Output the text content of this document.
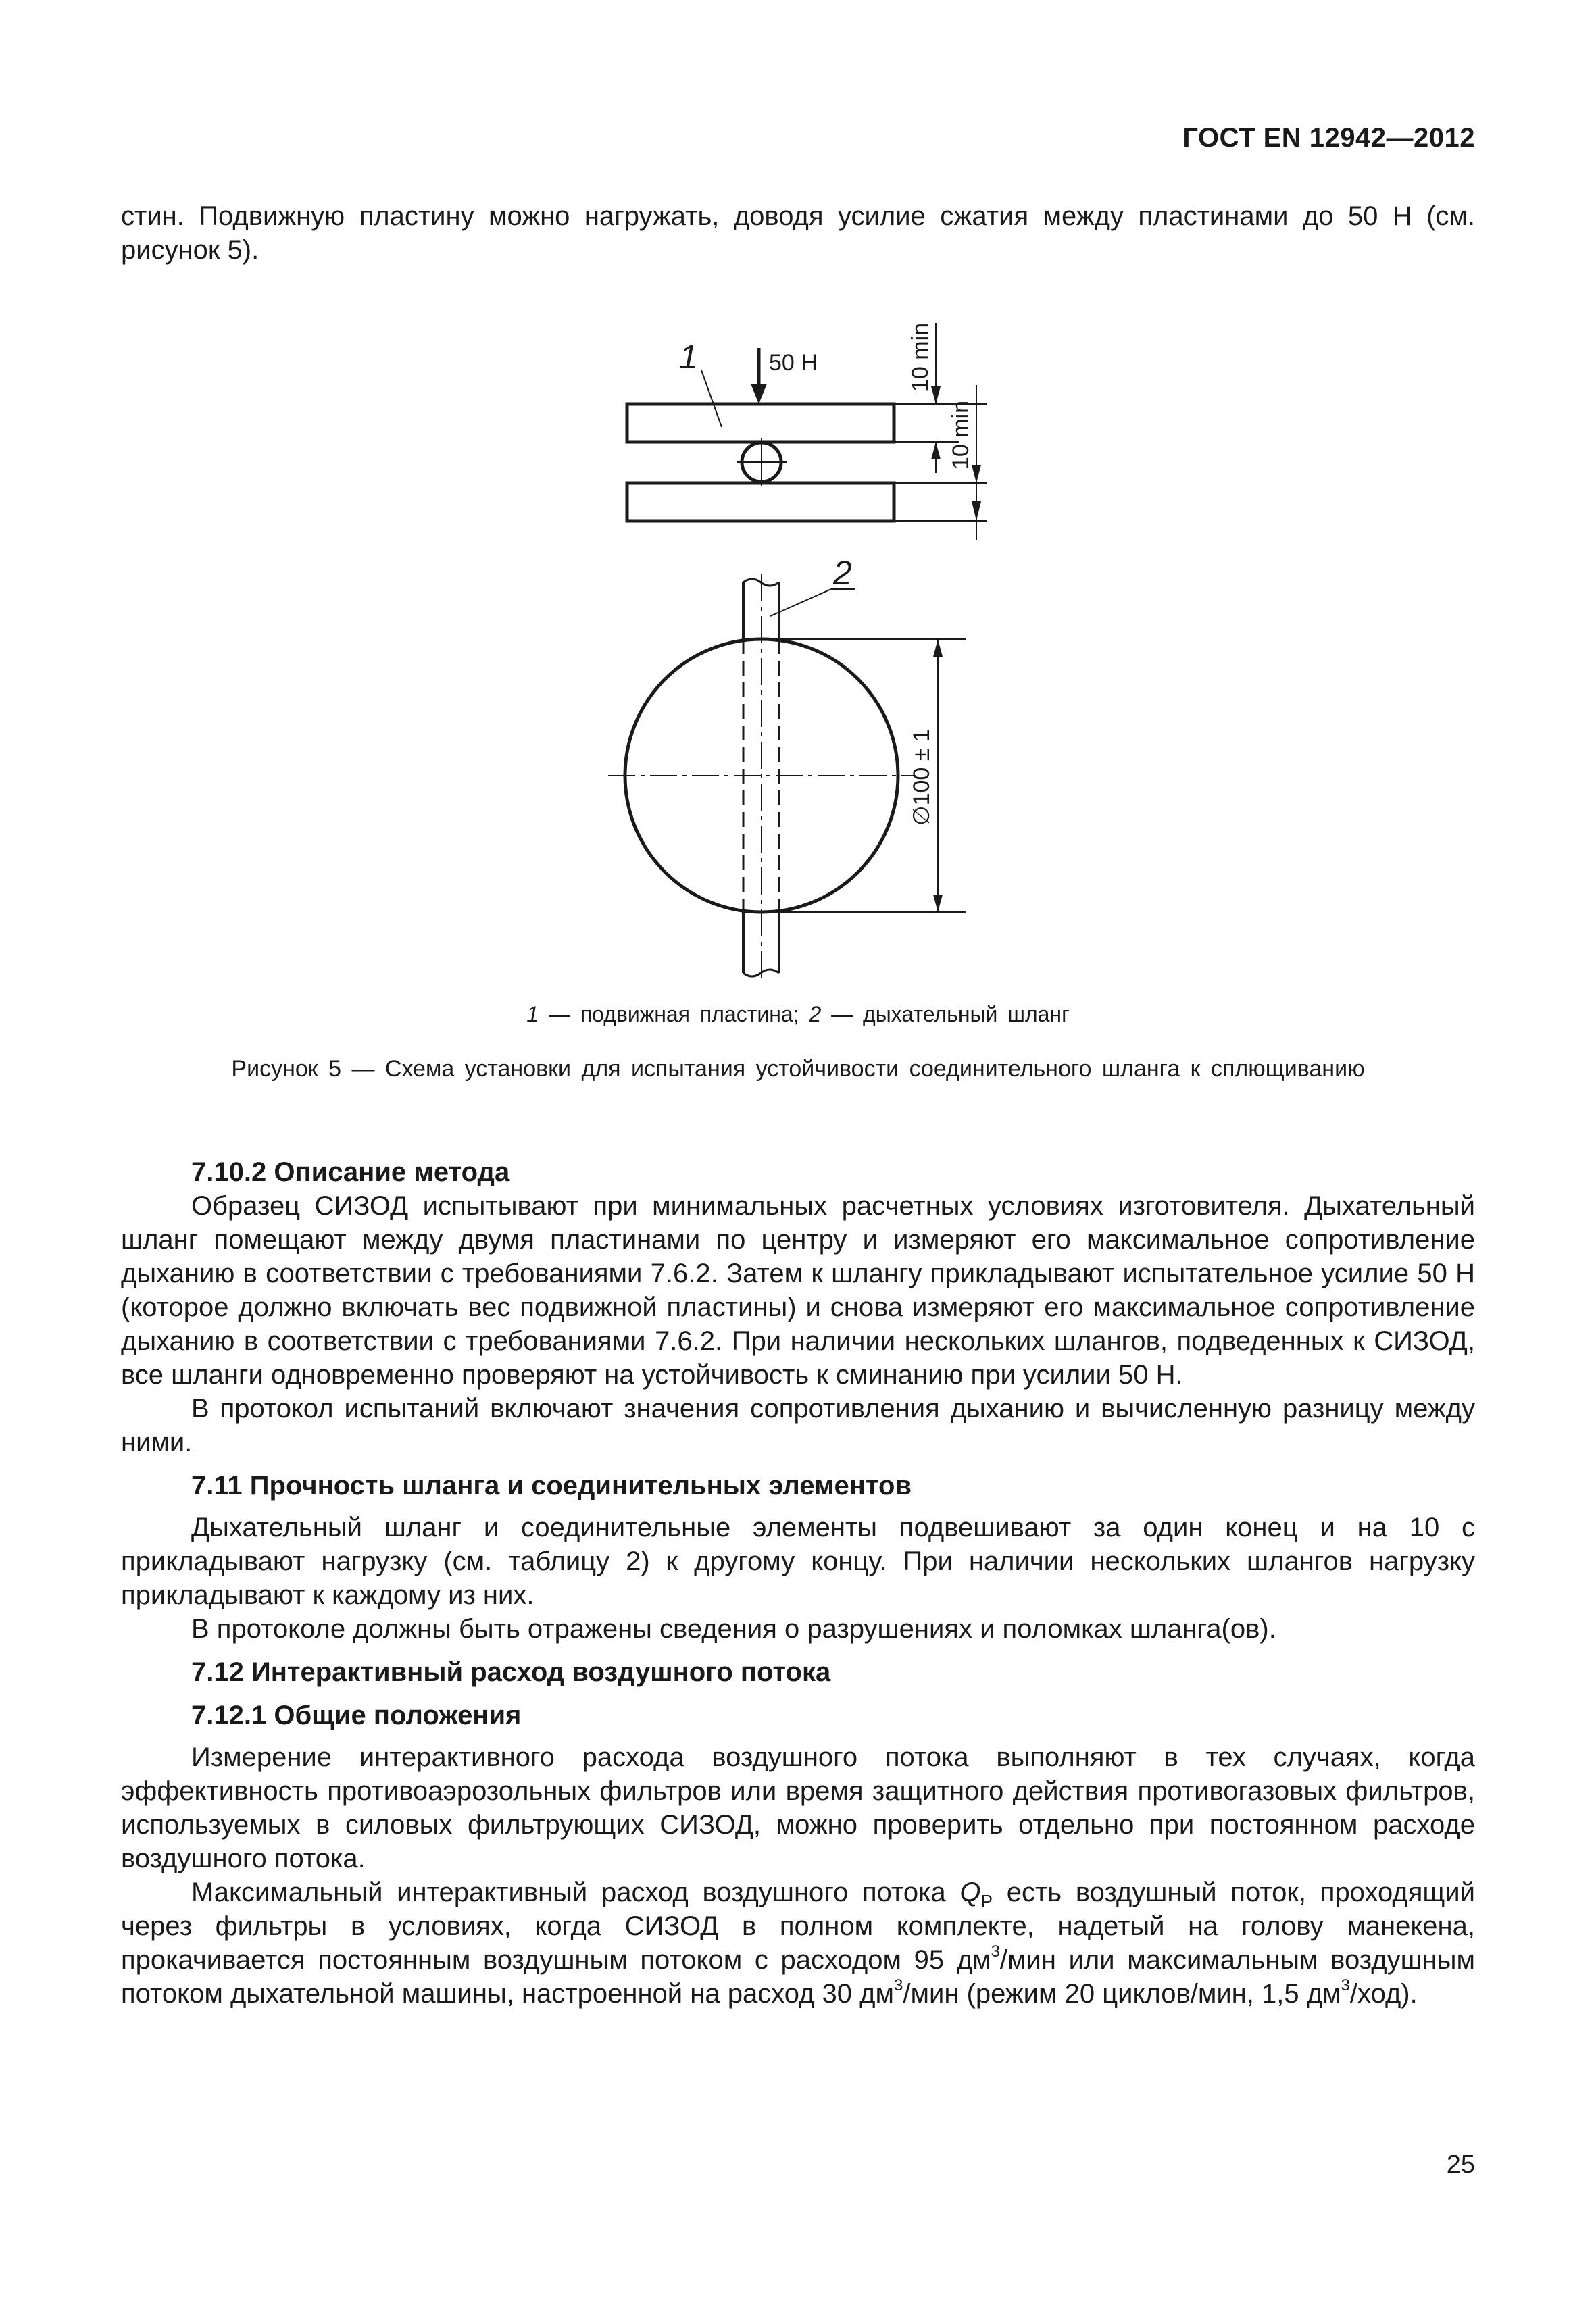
ГОСТ EN 12942—2012

стин. Подвижную пластину можно нагружать, доводя усилие сжатия между пластинами до 50 Н (см. рисунок 5).

1	50 Н
2
10 min
10 min
∅100 ± 1
1 — подвижная пластина; 2 — дыхательный шланг
Рисунок 5 — Схема установки для испытания устойчивости соединительного шланга к сплющиванию

7.10.2 Описание метода

Образец СИЗОД испытывают при минимальных расчетных условиях изготовителя. Дыхательный шланг помещают между двумя пластинами по центру и измеряют его максимальное сопротивление дыханию в соответствии с требованиями 7.6.2. Затем к шлангу прикладывают испытательное усилие 50 Н (которое должно включать вес подвижной пластины) и снова измеряют его максимальное сопротивление дыханию в соответствии с требованиями 7.6.2. При наличии нескольких шлангов, подведенных к СИЗОД, все шланги одновременно проверяют на устойчивость к сминанию при усилии 50 Н.

В протокол испытаний включают значения сопротивления дыханию и вычисленную разницу между ними.

7.11 Прочность шланга и соединительных элементов

Дыхательный шланг и соединительные элементы подвешивают за один конец и на 10 с прикладывают нагрузку (см. таблицу 2) к другому концу. При наличии нескольких шлангов нагрузку прикладывают к каждому из них.

В протоколе должны быть отражены сведения о разрушениях и поломках шланга(ов).

7.12 Интерактивный расход воздушного потока

7.12.1 Общие положения

Измерение интерактивного расхода воздушного потока выполняют в тех случаях, когда эффективность противоаэрозольных фильтров или время защитного действия противогазовых фильтров, используемых в силовых фильтрующих СИЗОД, можно проверить отдельно при постоянном расходе воздушного потока.

Максимальный интерактивный расход воздушного потока $Q_P$ есть воздушный поток, проходящий через фильтры в условиях, когда СИЗОД в полном комплекте, надетый на голову манекена, прокачивается постоянным воздушным потоком с расходом 95 $дм^3$/мин или максимальным воздушным потоком дыхательной машины, настроенной на расход 30 $дм^3$/мин (режим 20 циклов/мин, 1,5 $дм^3/ход$).

25
